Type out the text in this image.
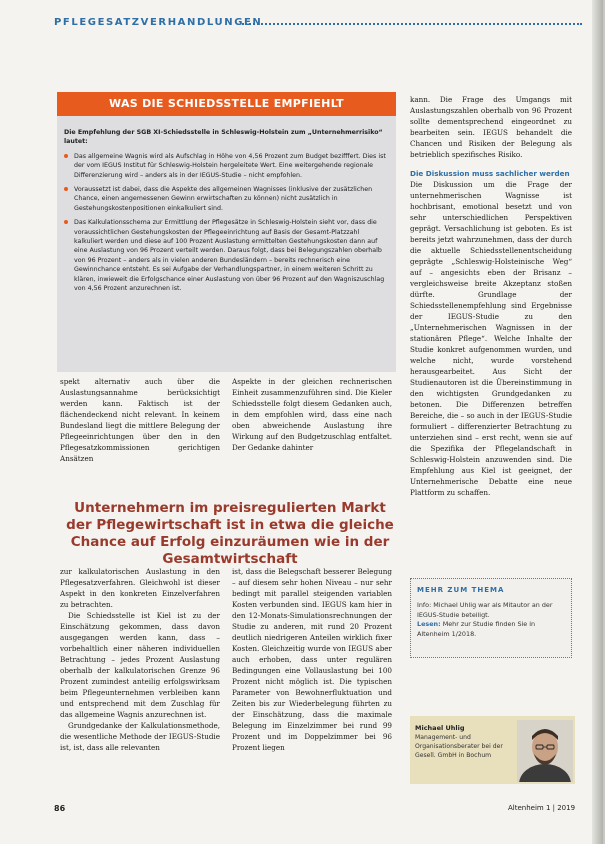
PFLEGESATZVERHANDLUNGEN
WAS DIE SCHIEDSSTELLE EMPFIEHLT
Die Empfehlung der SGB XI-Schiedsstelle in Schleswig-Holstein zum „Unternehmerrisiko“ lautet:
Das allgemeine Wagnis wird als Aufschlag in Höhe von 4,56 Prozent zum Budget bezifffert. Dies ist der vom IEGUS Institut für Schleswig-Holstein hergeleitete Wert. Eine weitergehende regionale Differenzierung wird – anders als in der IEGUS-Studie – nicht empfohlen.
Voraussetzt ist dabei, dass die Aspekte des allgemeinen Wagnisses (inklusive der zusätzlichen Chance, einen angemessenen Gewinn erwirtschaften zu können) nicht zusätzlich in Gestehungskostenpositionen einkalkuliert sind.
Das Kalkulationsschema zur Ermittlung der Pflegesätze in Schleswig-Holstein sieht vor, dass die voraussichtlichen Gestehungskosten der Pflegeeinrichtung auf Basis der Gesamt-Platzzahl kalkuliert werden und diese auf 100 Prozent Auslastung ermittelten Gestehungskosten dann auf eine Auslastung von 96 Prozent verteilt werden. Daraus folgt, dass bei Belegungszahlen oberhalb von 96 Prozent – anders als in vielen anderen Bundesländern – bereits rechnerisch eine Gewinnchance entsteht. Es sei Aufgabe der Verhandlungspartner, in einem weiteren Schritt zu klären, inwieweit die Erfolgschance einer Auslastung von über 96 Prozent auf den Wagniszuschlag von 4,56 Prozent anzurechnen ist.

spekt alternativ auch über die Auslastungsannahme berücksichtigt werden kann. Faktisch ist der flächendeckend nicht relevant. In keinem Bundesland liegt die mittlere Belegung der Pflegeeinrichtungen über den in den Pflegesatzkommissionen gerichtigen Ansätzen

Aspekte in der gleichen rechnerischen Einheit zusammenzuführen sind. Die Kieler Schiedsstelle folgt diesem Gedanken auch, in dem empfohlen wird, dass eine nach oben abweichende Auslastung ihre Wirkung auf den Budgetzuschlag entfaltet. Der Gedanke dahinter

Unternehmern im preisregulierten Markt der Pflegewirtschaft ist in etwa die gleiche Chance auf Erfolg einzuräumen wie in der Gesamtwirtschaft

zur kalkulatorischen Auslastung in den Pflegesatzverfahren. Gleichwohl ist dieser Aspekt in den konkreten Einzelverfahren zu betrachten.

Die Schiedsstelle ist Kiel ist zu der Einschätzung gekommen, dass davon ausgegangen werden kann, dass – vorbehaltlich einer näheren individuellen Betrachtung – jedes Prozent Auslastung oberhalb der kalkulatorischen Grenze 96 Prozent zumindest anteilig erfolgswirksam beim Pflegeunternehmen verbleiben kann und entsprechend mit dem Zuschlag für das allgemeine Wagnis anzurechnen ist.

Grundgedanke der Kalkulationsmethode, die wesentliche Methode der IEGUS-Studie ist, ist, dass alle relevanten

ist, dass die Belegschaft besserer Belegung – auf diesem sehr hohen Niveau – nur sehr bedingt mit parallel steigenden variablen Kosten verbunden sind. IEGUS kam hier in den 12-Monats-Simulationsrechnungen der Studie zu anderen, mit rund 20 Prozent deutlich niedrigeren Anteilen wirklich fixer Kosten. Gleichzeitig wurde von IEGUS aber auch erhoben, dass unter regulären Bedingungen eine Vollauslastung bei 100 Prozent nicht möglich ist. Die typischen Parameter von Bewohnerfluktuation und Zeiten bis zur Wiederbelegung führten zu der Einschätzung, dass die maximale Belegung im Einzelzimmer bei rund 99 Prozent und im Doppelzimmer bei 96 Prozent liegen

kann. Die Frage des Umgangs mit Auslastungszahlen oberhalb von 96 Prozent sollte dementsprechend eingeordnet zu bearbeiten sein. IEGUS behandelt die Chancen und Risiken der Belegung als betrieblich spezifisches Risiko.

Die Diskussion muss sachlicher werden

Die Diskussion um die Frage der unternehmerischen Wagnisse ist hochbrisant, emotional besetzt und von sehr unterschiedlichen Perspektiven geprägt. Versachlichung ist geboten. Es ist bereits jetzt wahrzunehmen, dass der durch die aktuelle Schiedsstellenentscheidung geprägte „Schleswig-Holsteinische Weg“ auf – angesichts eben der Brisanz – vergleichsweise breite Akzeptanz stoßen dürfte. Grundlage der Schiedsstellenempfehlung sind Ergebnisse der IEGUS-Studie zu den „Unternehmerischen Wagnissen in der stationären Pflege“. Welche Inhalte der Studie konkret aufgenommen wurden, und welche nicht, wurde vorstehend herausgearbeitet. Aus Sicht der Studienautoren ist die Übereinstimmung in den wichtigsten Grundgedanken zu betonen. Die Differenzen betreffen Bereiche, die – so auch in der IEGUS-Studie formuliert – differenzierter Betrachtung zu unterziehen sind – erst recht, wenn sie auf die Spezifika der Pflegelandschaft in Schleswig-Holstein anzuwenden sind. Die Empfehlung aus Kiel ist geeignet, der Unternehmerische Debatte eine neue Plattform zu schaffen.

MEHR ZUM THEMA
Info: Michael Uhlig war als Mitautor an der IEGUS-Studie beteiligt.
Lesen: Mehr zur Studie finden Sie in Altenheim 1/2018.
Michael Uhlig
Management- und Organisationsberater bei der Gesell. GmbH in Bochum
86	Altenheim 1 | 2019
